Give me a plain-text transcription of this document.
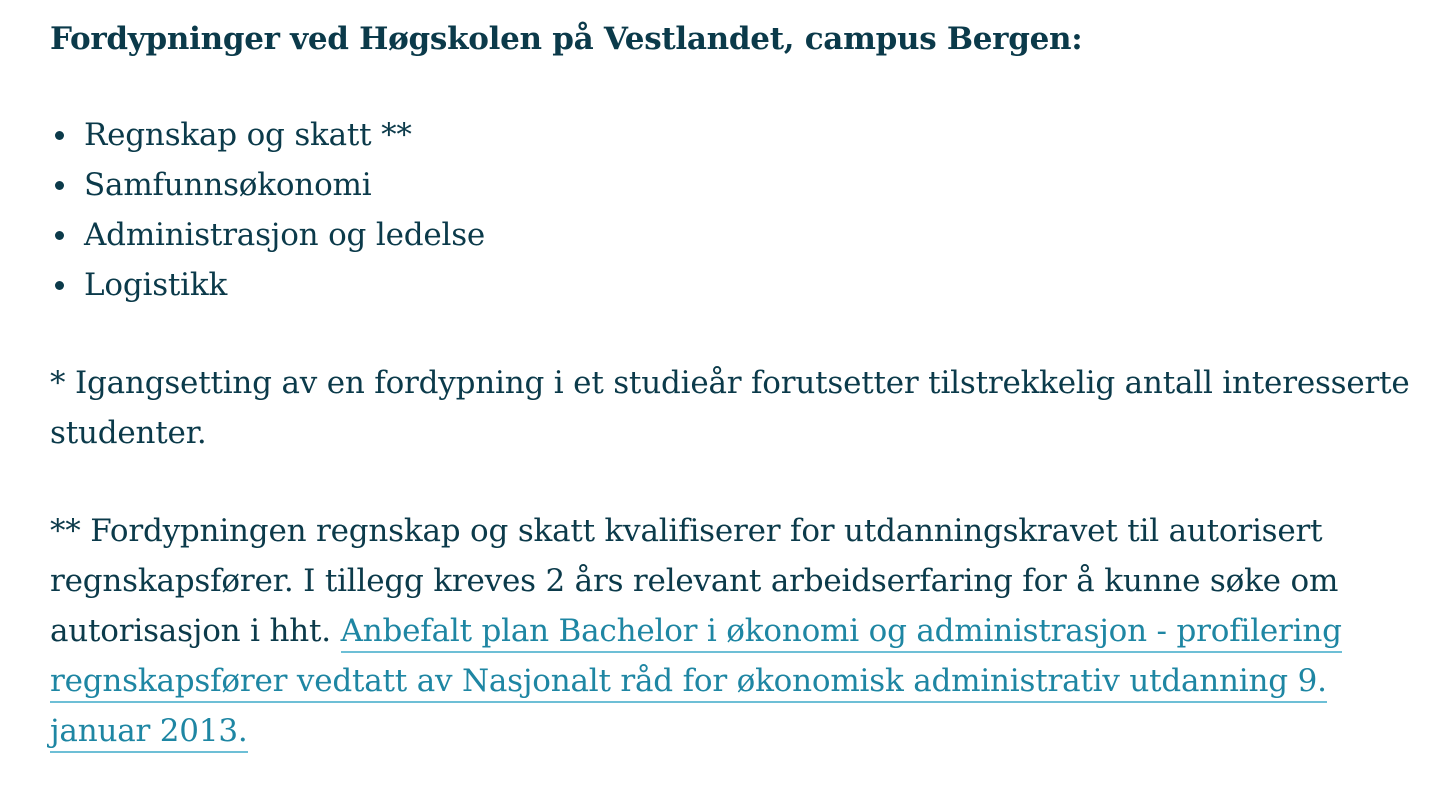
Fordypninger ved Høgskolen på Vestlandet, campus Bergen:
Regnskap og skatt **
Samfunnsøkonomi
Administrasjon og ledelse
Logistikk

* Igangsetting av en fordypning i et studieår forutsetter tilstrekkelig antall interesserte studenter.

** Fordypningen regnskap og skatt kvalifiserer for utdanningskravet til autorisert regnskapsfører. I tillegg kreves 2 års relevant arbeidserfaring for å kunne søke om autorisasjon i hht. Anbefalt plan Bachelor i økonomi og administrasjon - profilering regnskapsfører vedtatt av Nasjonalt råd for økonomisk administrativ utdanning 9. januar 2013.
